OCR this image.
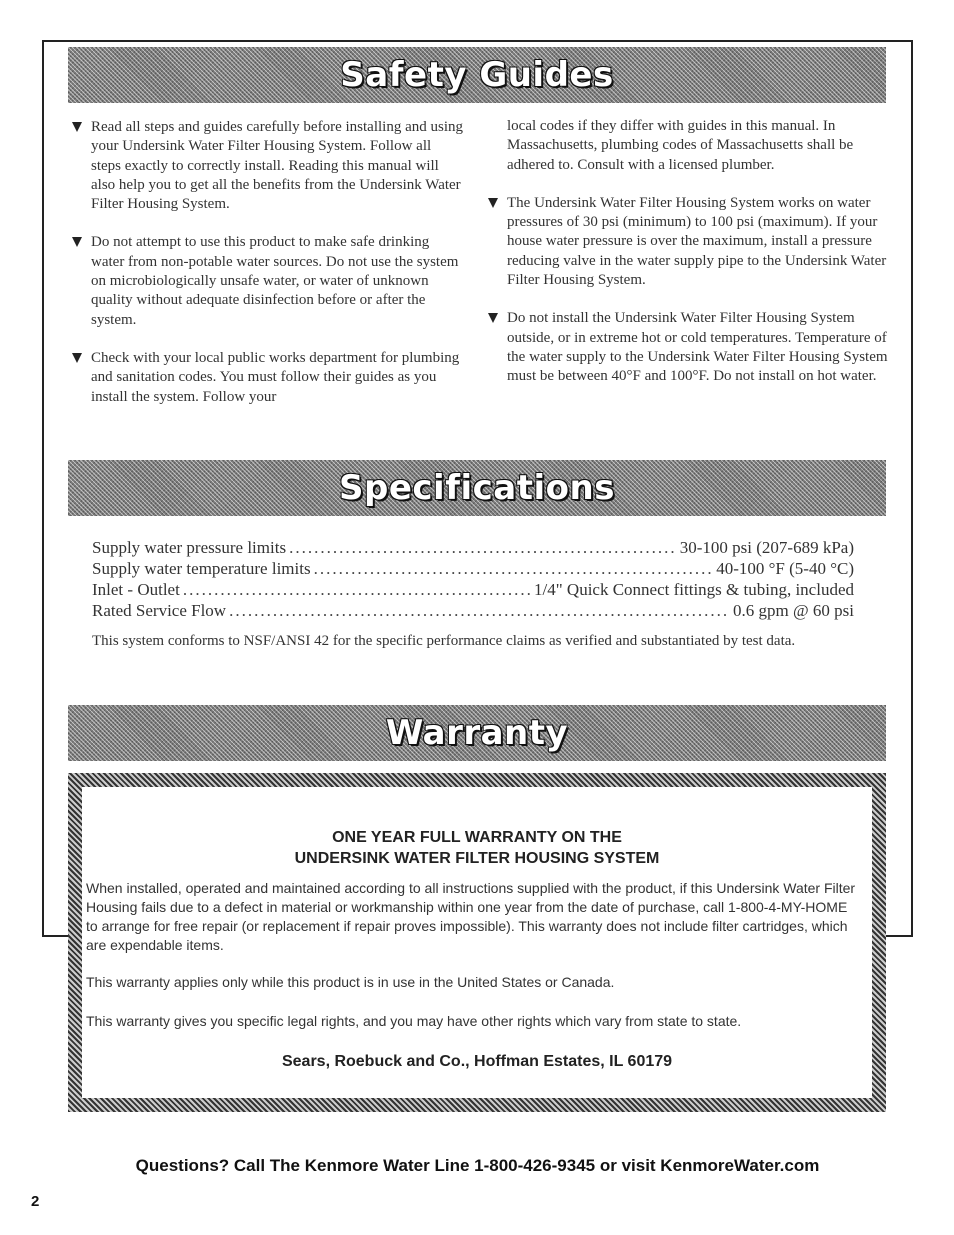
Safety Guides
Read all steps and guides carefully before installing and using your Undersink Water Filter Housing System. Follow all steps exactly to correctly install. Reading this manual will also help you to get all the benefits from the Undersink Water Filter Housing System.
Do not attempt to use this product to make safe drinking water from non-potable water sources. Do not use the system on microbiologically unsafe water, or water of unknown quality without adequate disinfection before or after the system.
Check with your local public works department for plumbing and sanitation codes. You must follow their guides as you install the system. Follow your
local codes if they differ with guides in this manual. In Massachusetts, plumbing codes of Massachusetts shall be adhered to. Consult with a licensed plumber.
The Undersink Water Filter Housing System works on water pressures of 30 psi (minimum) to 100 psi (maximum). If your house water pressure is over the maximum, install a pressure reducing valve in the water supply pipe to the Undersink Water Filter Housing System.
Do not install the Undersink Water Filter Housing System outside, or in extreme hot or cold temperatures. Temperature of the water supply to the Undersink Water Filter Housing System must be between 40°F and 100°F. Do not install on hot water.
Specifications
Supply water pressure limits .....	30-100 psi (207-689 kPa)
Supply water temperature limits .....	40-100 °F (5-40 °C)
Inlet - Outlet .....	1/4" Quick Connect fittings & tubing, included
Rated Service Flow .....	0.6 gpm @ 60 psi
This system conforms to NSF/ANSI 42 for the specific performance claims as verified and substantiated by test data.
Warranty
ONE YEAR FULL WARRANTY ON THE
UNDERSINK WATER FILTER HOUSING SYSTEM
When installed, operated and maintained according to all instructions supplied with the product, if this Undersink Water Filter Housing fails due to a defect in material or workmanship within one year from the date of purchase, call 1-800-4-MY-HOME to arrange for free repair (or replacement if repair proves impossible). This warranty does not include filter cartridges, which are expendable items.
This warranty applies only while this product is in use in the United States or Canada.
This warranty gives you specific legal rights, and you may have other rights which vary from state to state.
Sears, Roebuck and Co., Hoffman Estates, IL 60179
Questions? Call The Kenmore Water Line 1-800-426-9345 or visit KenmoreWater.com
2
